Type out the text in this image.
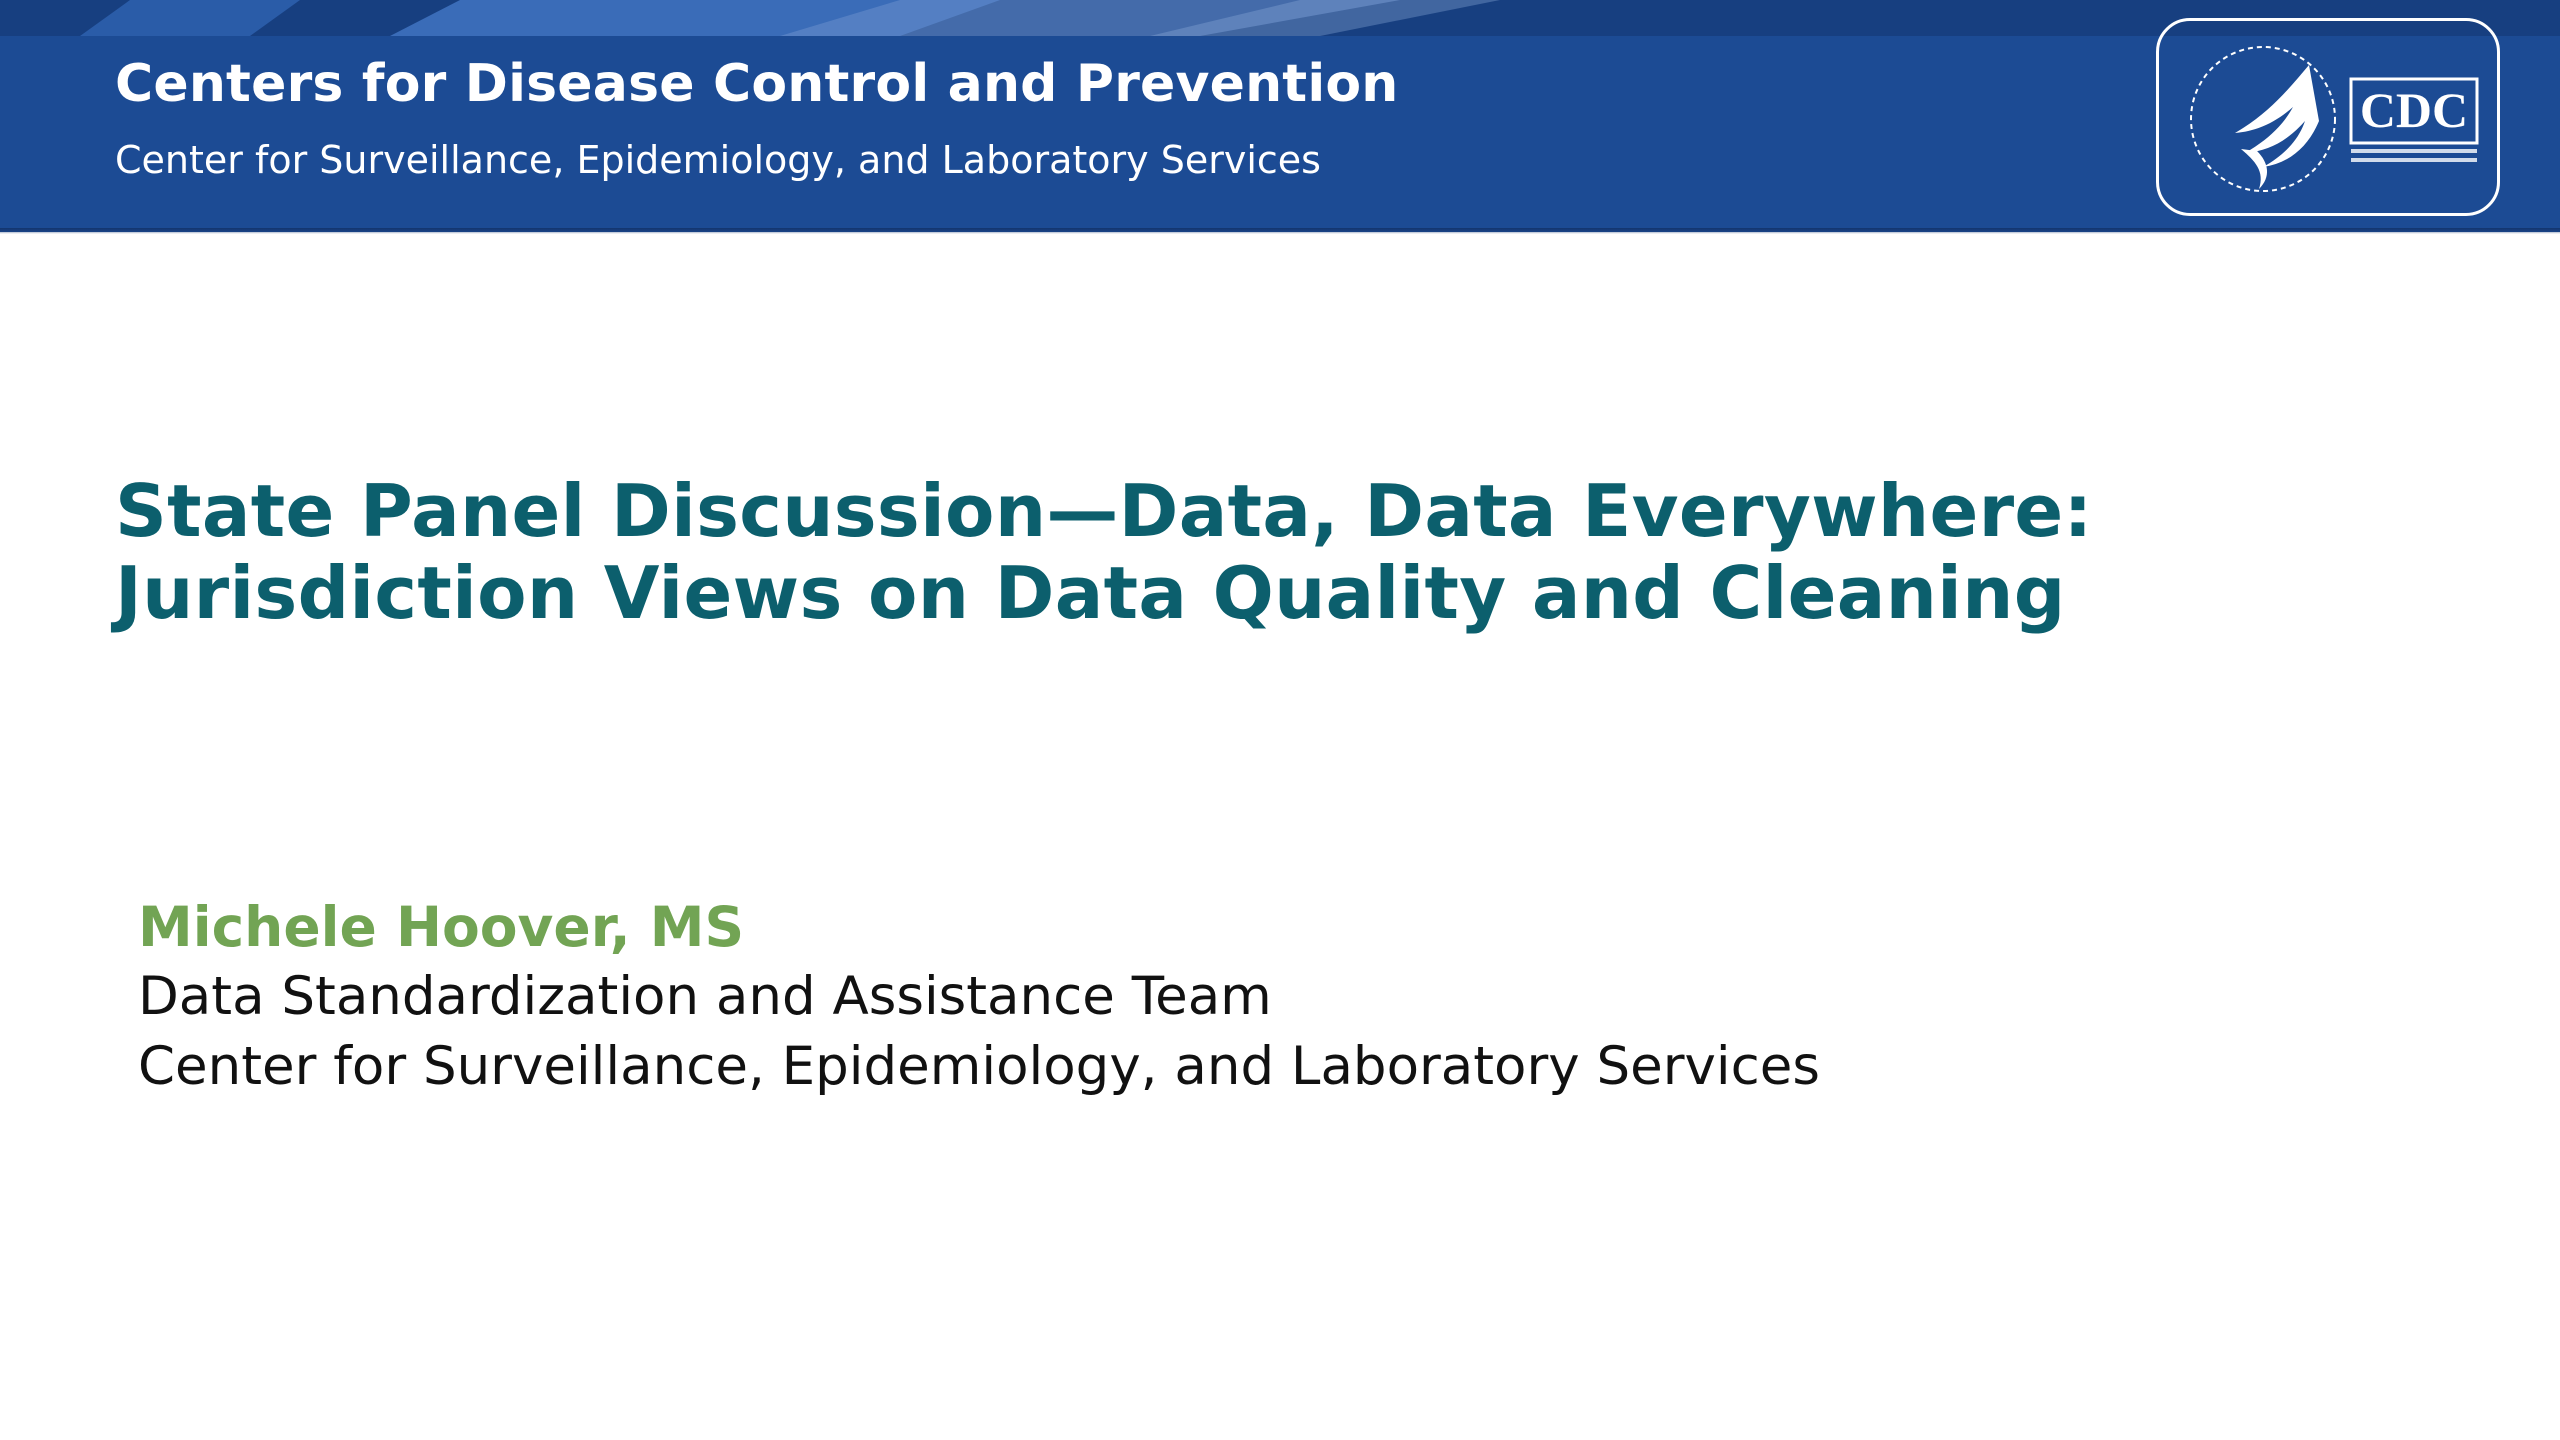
Centers for Disease Control and Prevention
Center for Surveillance, Epidemiology, and Laboratory Services
CDC
State Panel Discussion—Data, Data Everywhere: Jurisdiction Views on Data Quality and Cleaning
Michele Hoover, MS
Data Standardization and Assistance Team
Center for Surveillance, Epidemiology, and Laboratory Services
